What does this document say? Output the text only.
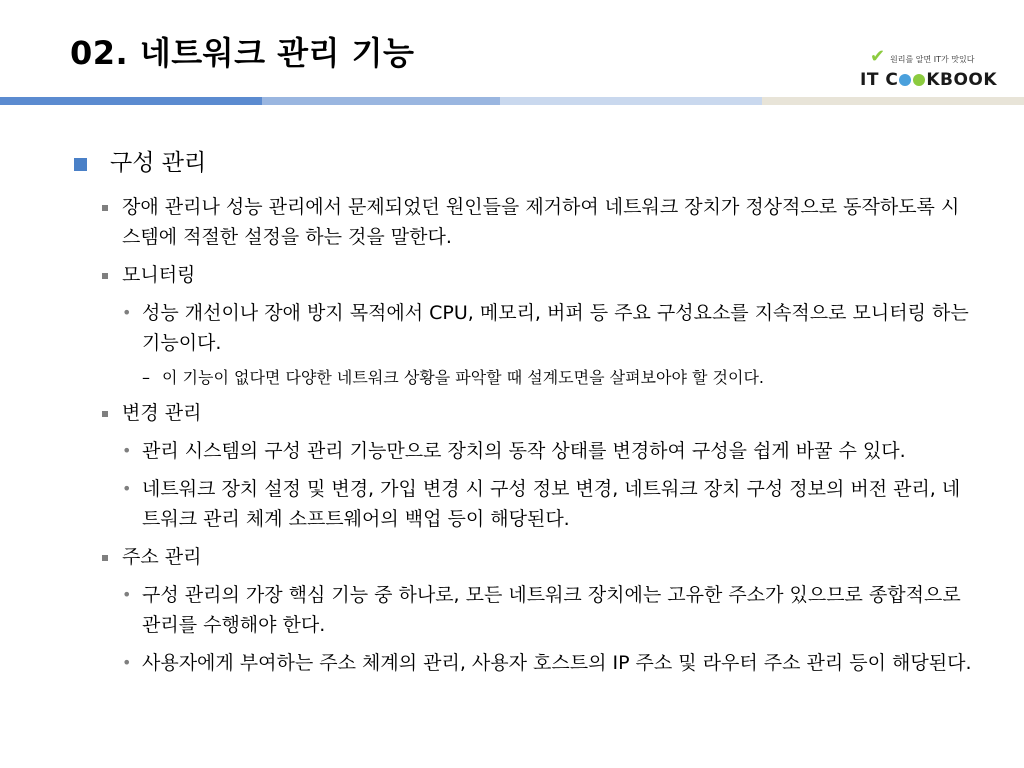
02. 네트워크 관리 기능	✔ 원리를 알면 IT가 맛있다
IT C KBOOK
구성 관리
장애 관리나 성능 관리에서 문제되었던 원인들을 제거하여 네트워크 장치가 정상적으로 동작하도록 시스템에 적절한 설정을 하는 것을 말한다.
모니터링
• 성능 개선이나 장애 방지 목적에서 CPU, 메모리, 버퍼 등 주요 구성요소를 지속적으로 모니터링 하는 기능이다.
– 이 기능이 없다면 다양한 네트워크 상황을 파악할 때 설계도면을 살펴보아야 할 것이다.
변경 관리
• 관리 시스템의 구성 관리 기능만으로 장치의 동작 상태를 변경하여 구성을 쉽게 바꿀 수 있다.
• 네트워크 장치 설정 및 변경, 가입 변경 시 구성 정보 변경, 네트워크 장치 구성 정보의 버전 관리, 네트워크 관리 체계 소프트웨어의 백업 등이 해당된다.
주소 관리
• 구성 관리의 가장 핵심 기능 중 하나로, 모든 네트워크 장치에는 고유한 주소가 있으므로 종합적으로 관리를 수행해야 한다.
• 사용자에게 부여하는 주소 체계의 관리, 사용자 호스트의 IP 주소 및 라우터 주소 관리 등이 해당된다.
